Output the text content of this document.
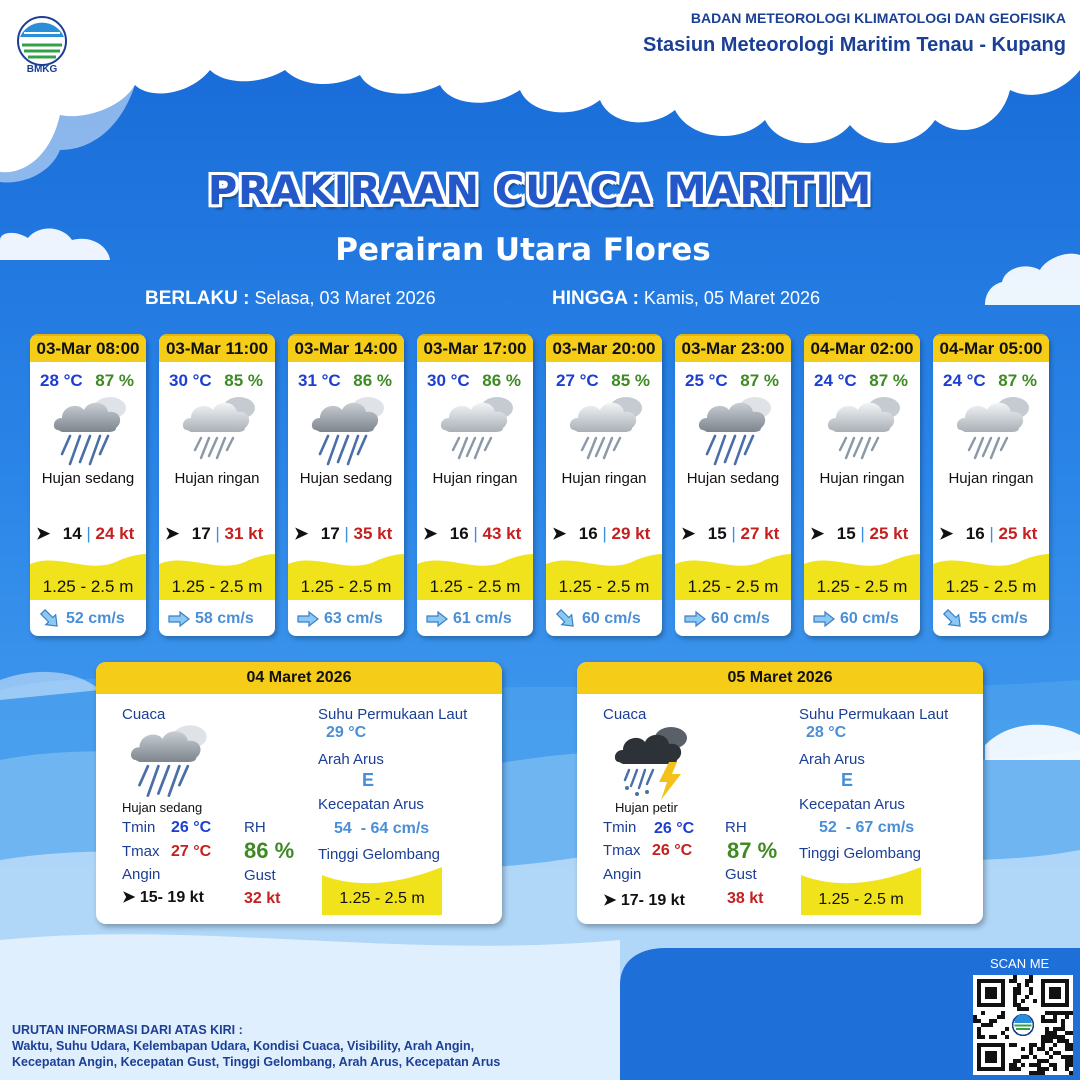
BMKG
BADAN METEOROLOGI KLIMATOLOGI DAN GEOFISIKA
Stasiun Meteorologi Maritim Tenau - Kupang
PRAKIRAAN CUACA MARITIM
Perairan Utara Flores
BERLAKU : Selasa, 03 Maret 2026	HINGGA : Kamis, 05 Maret 2026
03-Mar 08:00
28 °C 87 %
Hujan sedang
➤ 14 | 24 kt
1.25 - 2.5 m
52 cm/s
03-Mar 11:00
30 °C 85 %
Hujan ringan
➤ 17 | 31 kt
1.25 - 2.5 m
58 cm/s
03-Mar 14:00
31 °C 86 %
Hujan sedang
➤ 17 | 35 kt
1.25 - 2.5 m
63 cm/s
03-Mar 17:00
30 °C 86 %
Hujan ringan
➤ 16 | 43 kt
1.25 - 2.5 m
61 cm/s
03-Mar 20:00
27 °C 85 %
Hujan ringan
➤ 16 | 29 kt
1.25 - 2.5 m
60 cm/s
03-Mar 23:00
25 °C 87 %
Hujan sedang
➤ 15 | 27 kt
1.25 - 2.5 m
60 cm/s
04-Mar 02:00
24 °C 87 %
Hujan ringan
➤ 15 | 25 kt
1.25 - 2.5 m
60 cm/s
04-Mar 05:00
24 °C 87 %
Hujan ringan
➤ 16 | 25 kt
1.25 - 2.5 m
55 cm/s
04 Maret 2026
Cuaca
Hujan sedang
Tmin 26 °C
Tmax 27 °C
Angin
➤ 15- 19 kt
RH
86 %
Gust
32 kt
Suhu Permukaan Laut
29 °C
Arah Arus
E
Kecepatan Arus
54  - 64 cm/s
Tinggi Gelombang
1.25 - 2.5 m
05 Maret 2026
Cuaca
Hujan petir
Tmin 26 °C
Tmax 26 °C
Angin
➤ 17- 19 kt
RH
87 %
Gust
38 kt
Suhu Permukaan Laut
28 °C
Arah Arus
E
Kecepatan Arus
52  - 67 cm/s
Tinggi Gelombang
1.25 - 2.5 m
URUTAN INFORMASI DARI ATAS KIRI :
Waktu, Suhu Udara, Kelembapan Udara, Kondisi Cuaca, Visibility, Arah Angin,
Kecepatan Angin, Kecepatan Gust, Tinggi Gelombang, Arah Arus, Kecepatan Arus
SCAN ME
